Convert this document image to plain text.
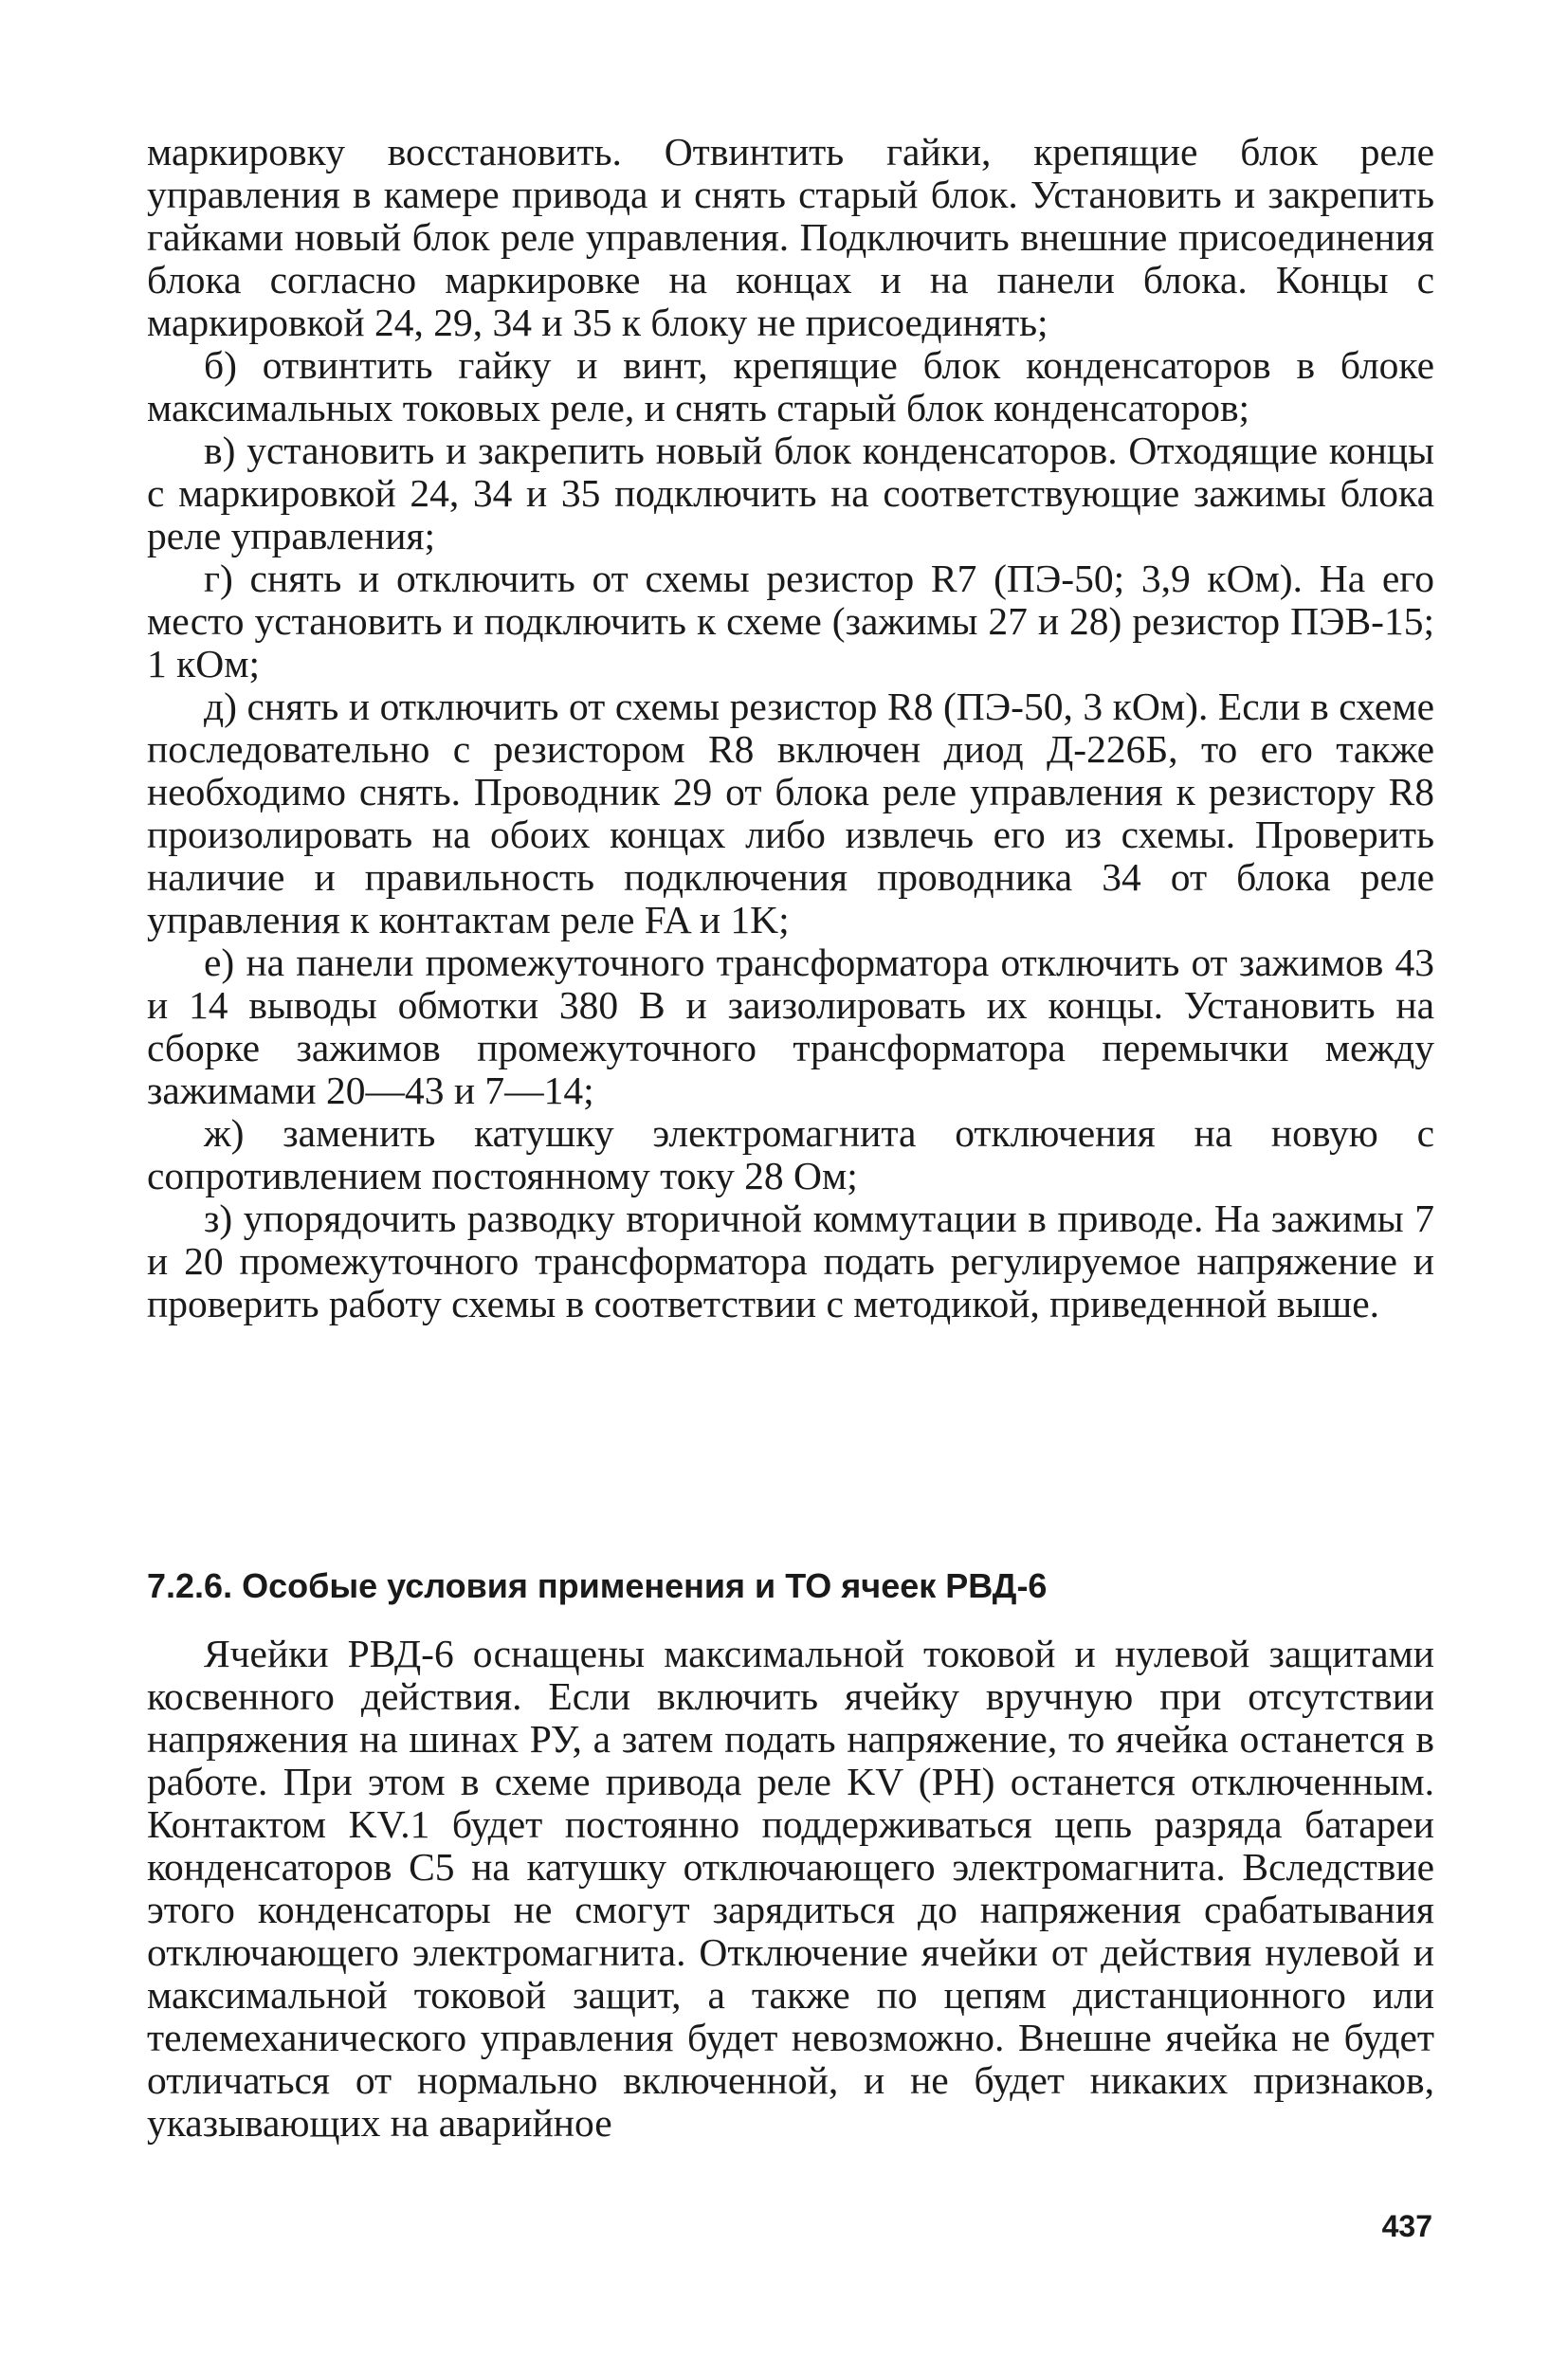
маркировку восстановить. Отвинтить гайки, крепящие блок реле управления в камере привода и снять старый блок. Установить и закрепить гайками новый блок реле управления. Подключить внешние присоединения блока согласно маркировке на концах и на панели блока. Концы с маркировкой 24, 29, 34 и 35 к блоку не присоединять;

б) отвинтить гайку и винт, крепящие блок конденсаторов в блоке максимальных токовых реле, и снять старый блок конденсаторов;

в) установить и закрепить новый блок конденсаторов. Отходящие концы с маркировкой 24, 34 и 35 подключить на соответствующие зажимы блока реле управления;

г) снять и отключить от схемы резистор R7 (ПЭ-50; 3,9 кОм). На его место установить и подключить к схеме (зажимы 27 и 28) резистор ПЭВ-15; 1 кОм;

д) снять и отключить от схемы резистор R8 (ПЭ-50, 3 кОм). Если в схеме последовательно с резистором R8 включен диод Д-226Б, то его также необходимо снять. Проводник 29 от блока реле управления к резистору R8 произолировать на обоих концах либо извлечь его из схемы. Проверить наличие и правильность подключения проводника 34 от блока реле управления к контактам реле FA и 1K;

е) на панели промежуточного трансформатора отключить от зажимов 43 и 14 выводы обмотки 380 В и заизолировать их концы. Установить на сборке зажимов промежуточного трансформатора перемычки между зажимами 20—43 и 7—14;

ж) заменить катушку электромагнита отключения на новую с сопротивлением постоянному току 28 Ом;

з) упорядочить разводку вторичной коммутации в приводе. На зажимы 7 и 20 промежуточного трансформатора подать регулируемое напряжение и проверить работу схемы в соответствии с методикой, приведенной выше.

7.2.6. Особые условия применения и ТО ячеек РВД-6

Ячейки РВД-6 оснащены максимальной токовой и нулевой защитами косвенного действия. Если включить ячейку вручную при отсутствии напряжения на шинах РУ, а затем подать напряжение, то ячейка останется в работе. При этом в схеме привода реле KV (РН) останется отключенным. Контактом KV.1 будет постоянно поддерживаться цепь разряда батареи конденсаторов C5 на катушку отключающего электромагнита. Вследствие этого конденсаторы не смогут зарядиться до напряжения срабатывания отключающего электромагнита. Отключение ячейки от действия нулевой и максимальной токовой защит, а также по цепям дистанционного или телемеханического управления будет невозможно. Внешне ячейка не будет отличаться от нормально включенной, и не будет никаких признаков, указывающих на аварийное

437
